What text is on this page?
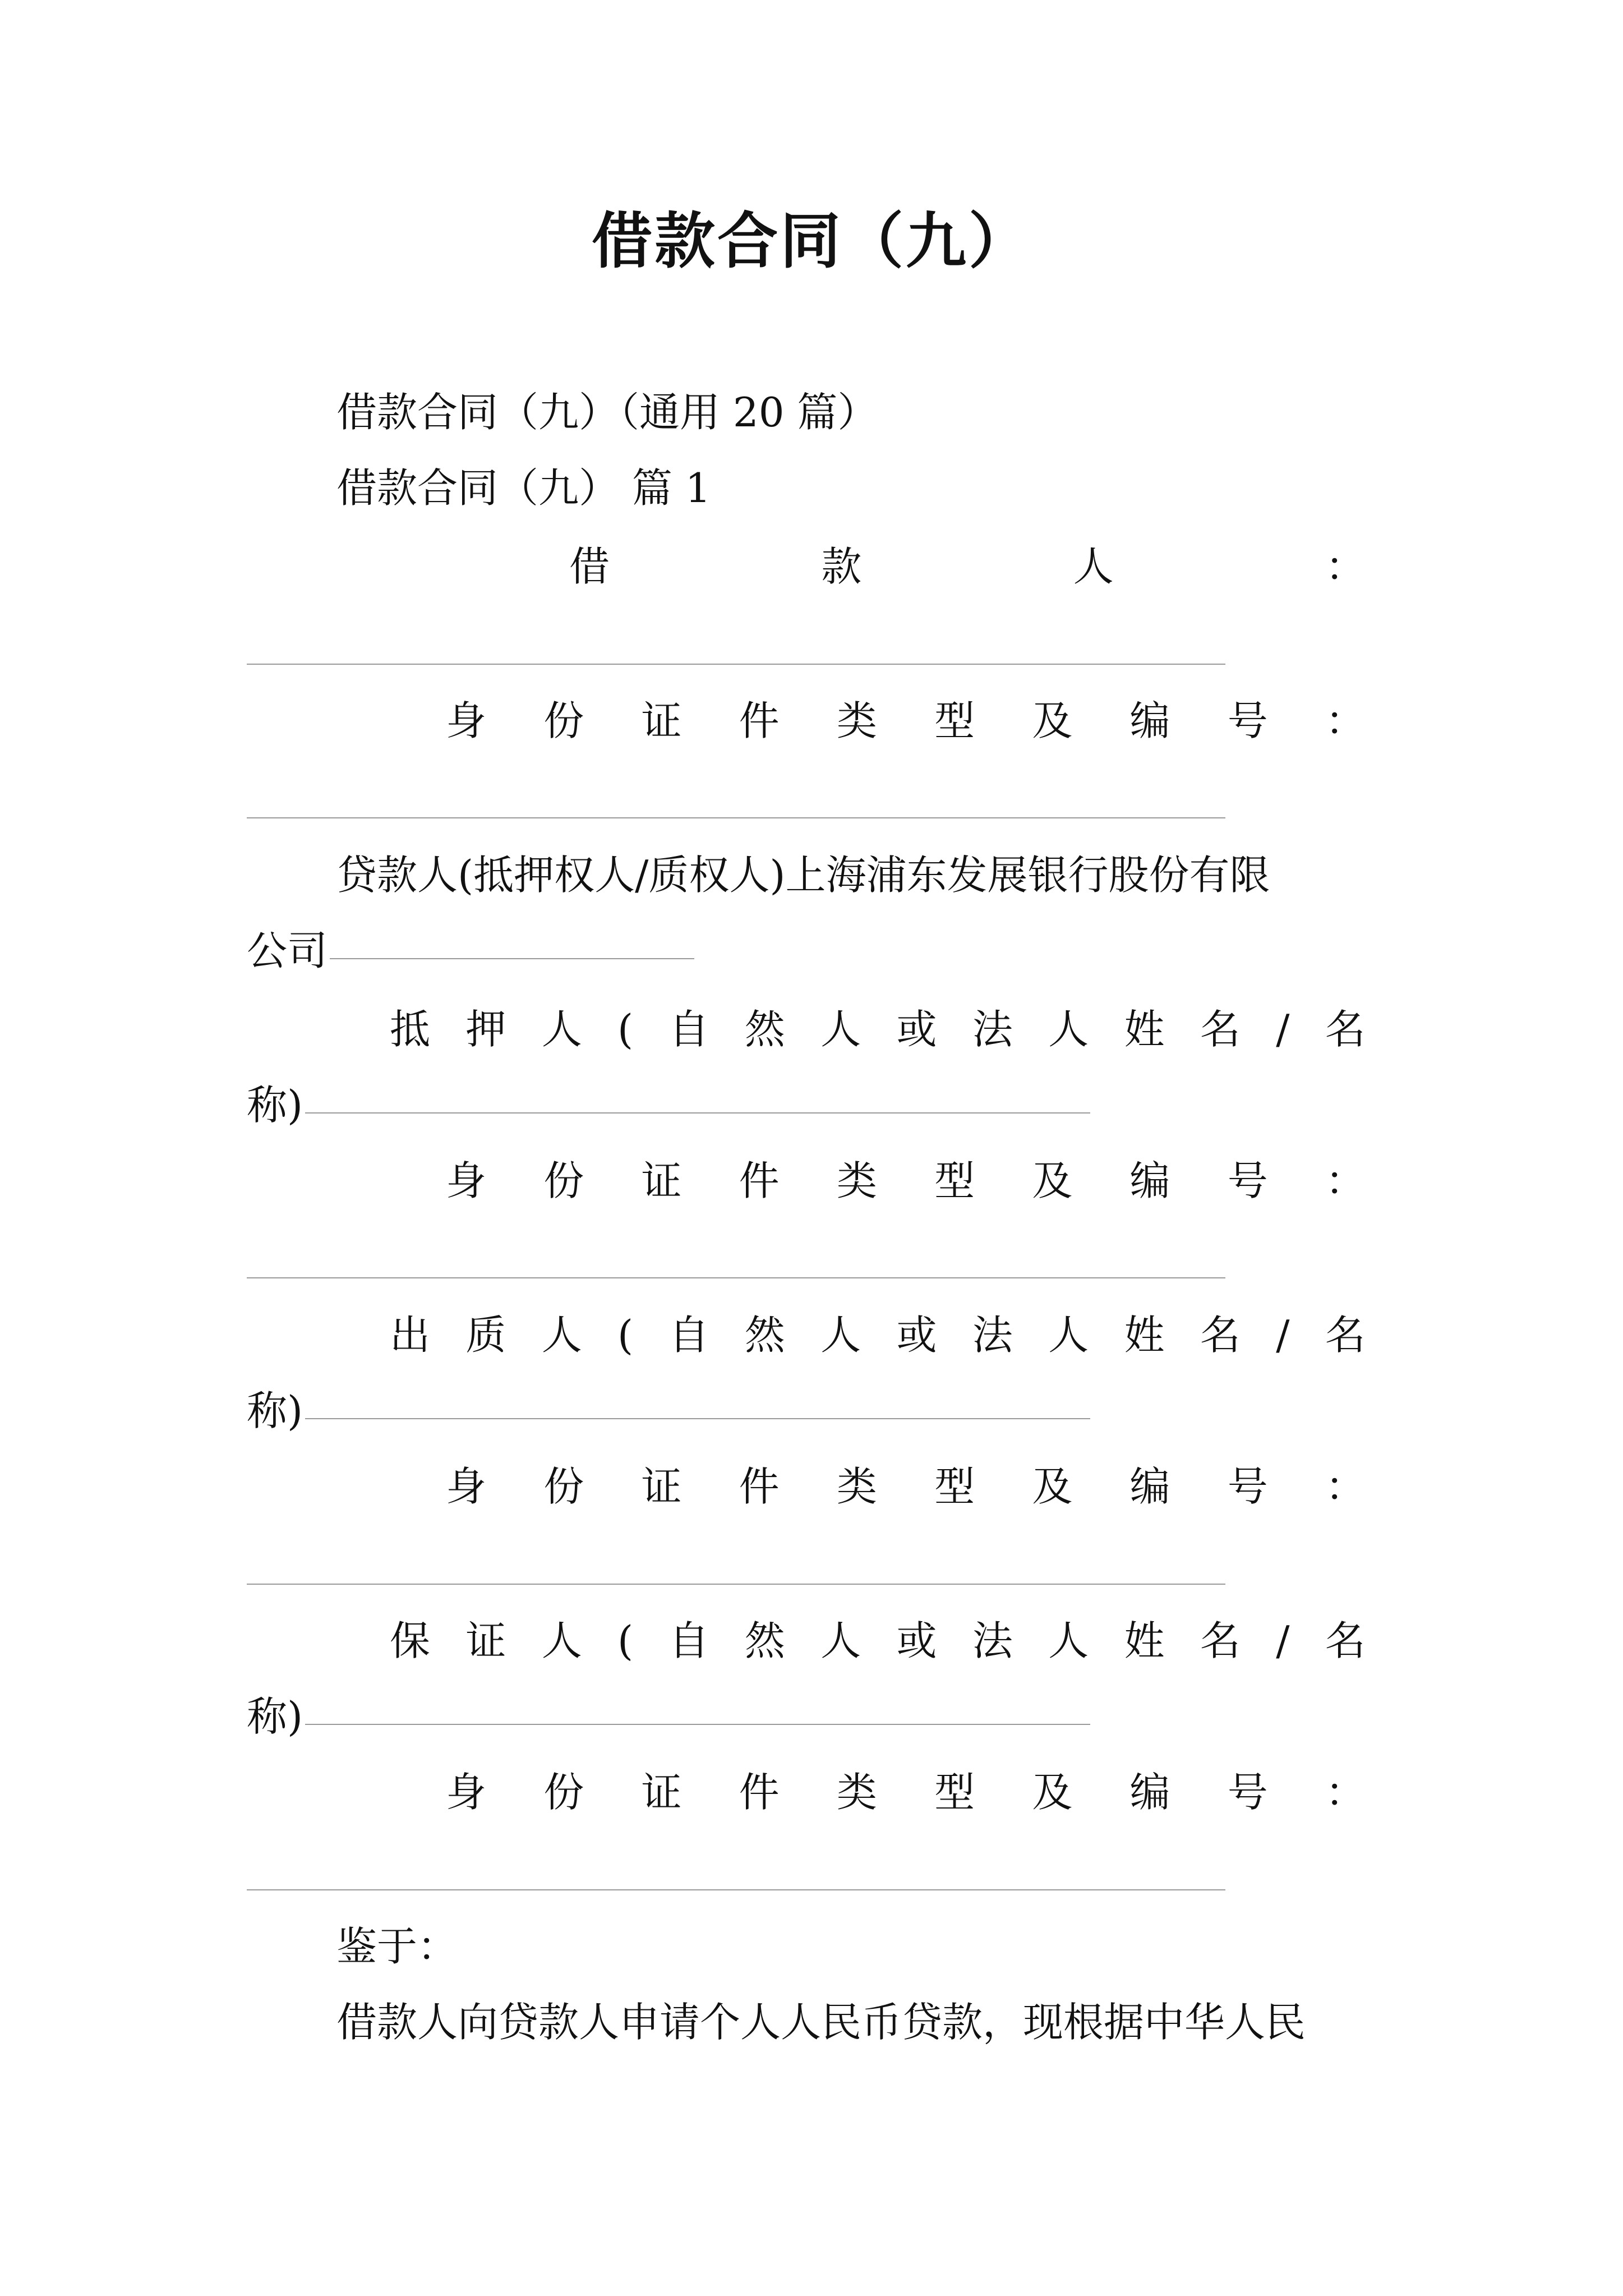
借款合同（九）
借款合同（九）（通用 20 篇）
借款合同（九） 篇 1
借	款	人	：
身 份 证 件 类 型 及 编 号 ：
贷款人(抵押权人/质权人)上海浦东发展银行股份有限
公司
抵 押 人 ( 自 然 人 或 法 人 姓 名 / 名
称)
身 份 证 件 类 型 及 编 号 ：
出 质 人 ( 自 然 人 或 法 人 姓 名 / 名
称)
身 份 证 件 类 型 及 编 号 ：
保 证 人 ( 自 然 人 或 法 人 姓 名 / 名
称)
身 份 证 件 类 型 及 编 号 ：
鉴于：
借款人向贷款人申请个人人民币贷款，现根据中华人民
